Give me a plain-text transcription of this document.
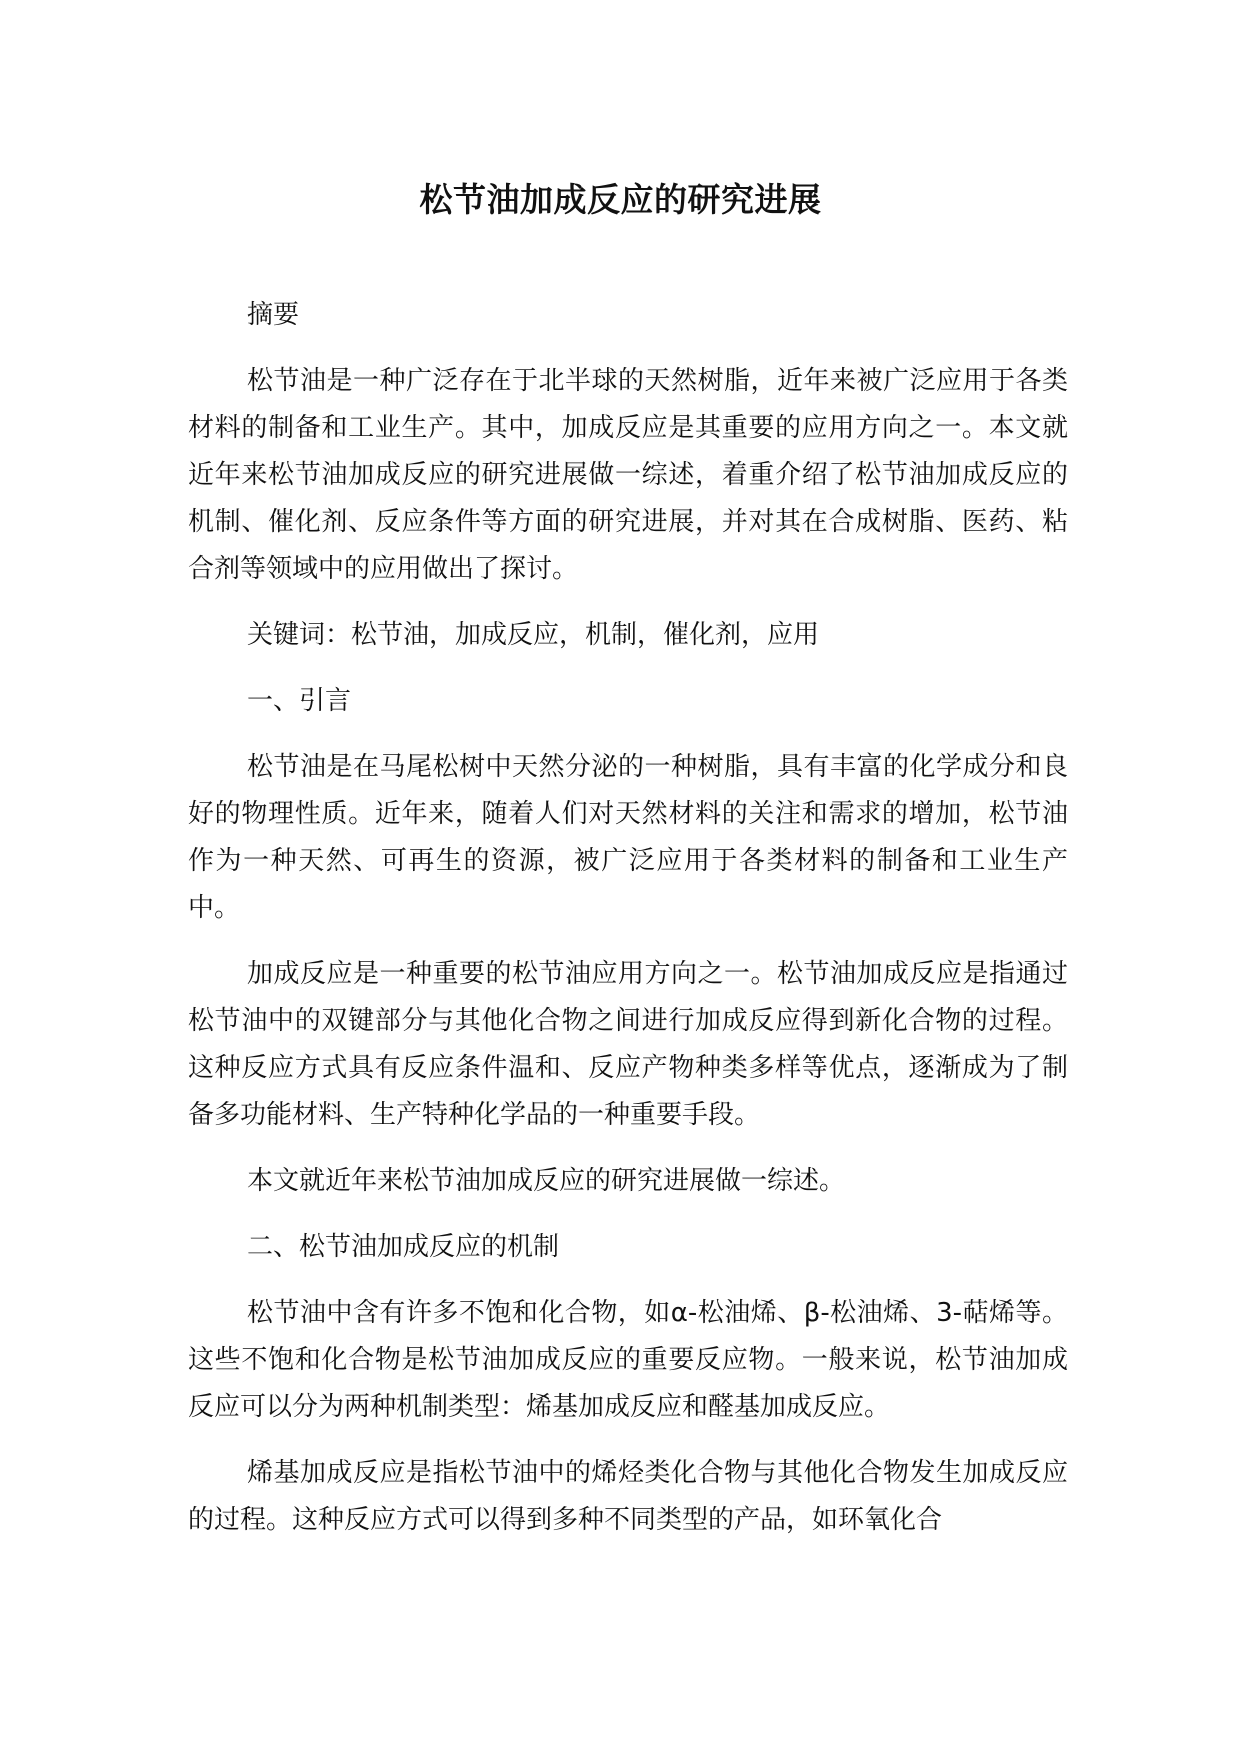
松节油加成反应的研究进展

摘要

松节油是一种广泛存在于北半球的天然树脂，近年来被广泛应用于各类材料的制备和工业生产。其中，加成反应是其重要的应用方向之一。本文就近年来松节油加成反应的研究进展做一综述，着重介绍了松节油加成反应的机制、催化剂、反应条件等方面的研究进展，并对其在合成树脂、医药、粘合剂等领域中的应用做出了探讨。

关键词：松节油，加成反应，机制，催化剂，应用

一、引言

松节油是在马尾松树中天然分泌的一种树脂，具有丰富的化学成分和良好的物理性质。近年来，随着人们对天然材料的关注和需求的增加，松节油作为一种天然、可再生的资源，被广泛应用于各类材料的制备和工业生产中。

加成反应是一种重要的松节油应用方向之一。松节油加成反应是指通过松节油中的双键部分与其他化合物之间进行加成反应得到新化合物的过程。这种反应方式具有反应条件温和、反应产物种类多样等优点，逐渐成为了制备多功能材料、生产特种化学品的一种重要手段。

本文就近年来松节油加成反应的研究进展做一综述。

二、松节油加成反应的机制

松节油中含有许多不饱和化合物，如α-松油烯、β-松油烯、3-萜烯等。这些不饱和化合物是松节油加成反应的重要反应物。一般来说，松节油加成反应可以分为两种机制类型：烯基加成反应和醛基加成反应。

烯基加成反应是指松节油中的烯烃类化合物与其他化合物发生加成反应的过程。这种反应方式可以得到多种不同类型的产品，如环氧化合
